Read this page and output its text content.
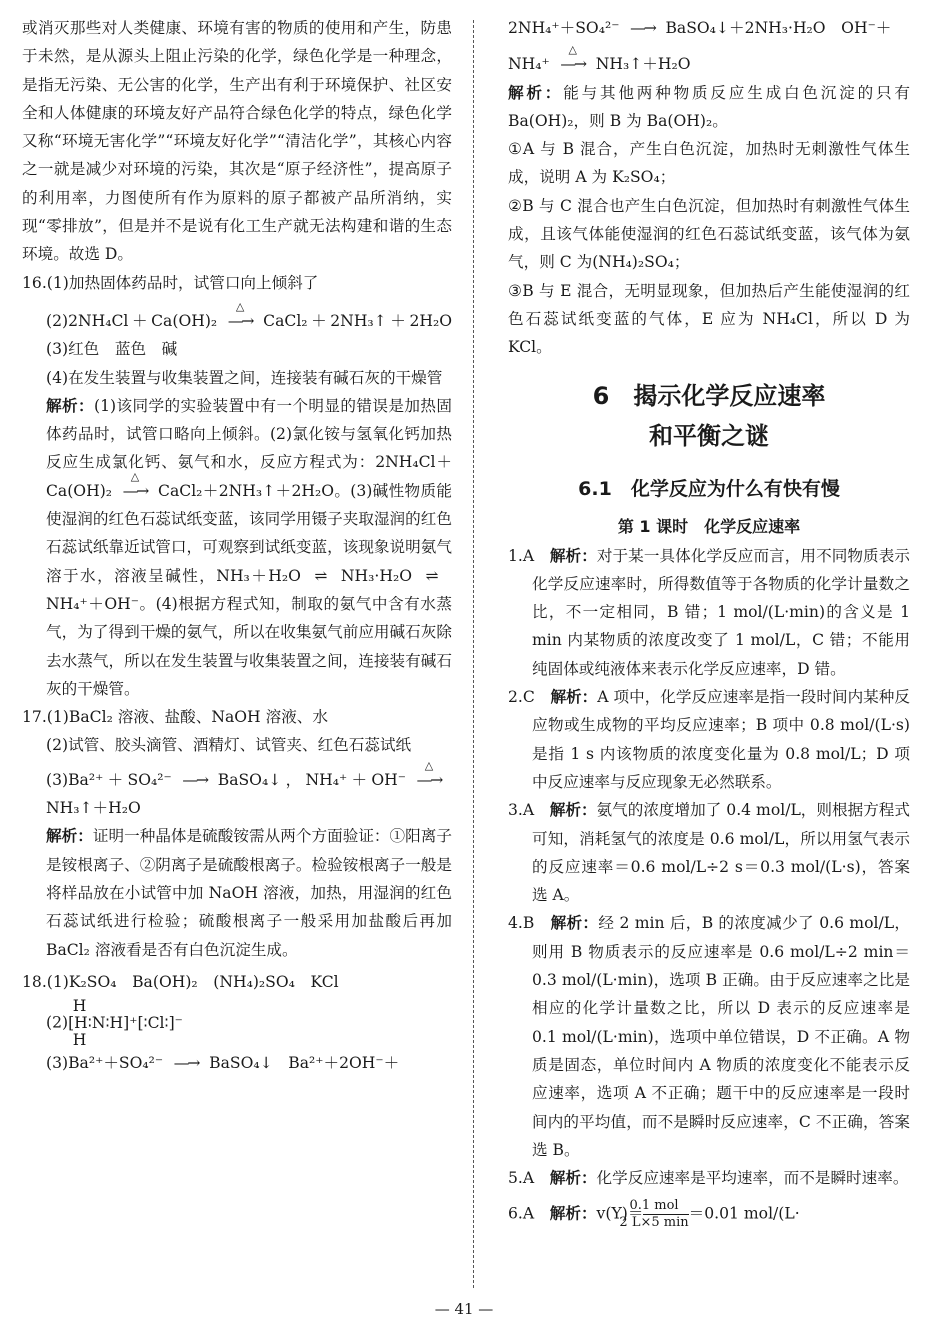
或消灭那些对人类健康、环境有害的物质的使用和产生，防患于未然，是从源头上阻止污染的化学，绿色化学是一种理念，是指无污染、无公害的化学，生产出有利于环境保护、社区安全和人体健康的环境友好产品符合绿色化学的特点，绿色化学又称“环境无害化学”“环境友好化学”“清洁化学”，其核心内容之一就是减少对环境的污染，其次是“原子经济性”，提高原子的利用率，力图使所有作为原料的原子都被产品所消纳，实现“零排放”，但是并不是说有化工生产就无法构建和谐的生态环境。故选 D。

16.(1)加热固体药品时，试管口向上倾斜了

(2)2NH₄Cl＋Ca(OH)₂
△
—→CaCl₂＋2NH₃↑＋2H₂O　(3)红色　蓝色　碱

(4)在发生装置与收集装置之间，连接装有碱石灰的干燥管

解析：(1)该同学的实验装置中有一个明显的错误是加热固体药品时，试管口略向上倾斜。(2)氯化铵与氢氧化钙加热反应生成氯化钙、氨气和水，反应方程式为：2NH₄Cl＋Ca(OH)₂
△
—→CaCl₂＋2NH₃↑＋2H₂O。(3)碱性物质能使湿润的红色石蕊试纸变蓝，该同学用镊子夹取湿润的红色石蕊试纸靠近试管口，可观察到试纸变蓝，该现象说明氨气溶于水，溶液呈碱性，NH₃＋H₂O ⇌ NH₃·H₂O ⇌NH₄⁺＋OH⁻。(4)根据方程式知，制取的氨气中含有水蒸气，为了得到干燥的氨气，所以在收集氨气前应用碱石灰除去水蒸气，所以在发生装置与收集装置之间，连接装有碱石灰的干燥管。

17.(1)BaCl₂ 溶液、盐酸、NaOH 溶液、水

(2)试管、胶头滴管、酒精灯、试管夹、红色石蕊试纸

(3)Ba²⁺＋SO₄²⁻ —→	BaSO₄↓，NH₄⁺＋OH⁻
△
—→NH₃↑＋H₂O

解析：证明一种晶体是硫酸铵需从两个方面验证：①阳离子是铵根离子、②阴离子是硫酸根离子。检验铵根离子一般是将样品放在小试管中加 NaOH 溶液，加热，用湿润的红色石蕊试纸进行检验；硫酸根离子一般采用加盐酸后再加 BaCl₂ 溶液看是否有白色沉淀生成。

18.(1)K₂SO₄　Ba(OH)₂　(NH₄)₂SO₄　KCl

(2)
H
[H∶N∶H]⁺[∶Cl∶]⁻
H

(3)Ba²⁺＋SO₄²⁻ —→	BaSO₄↓　Ba²⁺＋2OH⁻＋

2NH₄⁺＋SO₄²⁻ —→	BaSO₄↓＋2NH₃·H₂O　OH⁻＋

NH₄⁺
△
—→NH₃↑＋H₂O

解析：能与其他两种物质反应生成白色沉淀的只有 Ba(OH)₂，则 B 为 Ba(OH)₂。

①A 与 B 混合，产生白色沉淀，加热时无刺激性气体生成，说明 A 为 K₂SO₄；

②B 与 C 混合也产生白色沉淀，但加热时有刺激性气体生成，且该气体能使湿润的红色石蕊试纸变蓝，该气体为氨气，则 C 为(NH₄)₂SO₄；

③B 与 E 混合，无明显现象，但加热后产生能使湿润的红色石蕊试纸变蓝的气体，E 应为 NH₄Cl，所以 D 为 KCl。

6　揭示化学反应速率
和平衡之谜
6.1　化学反应为什么有快有慢
第 1 课时　化学反应速率

1.A　 解析：对于某一具体化学反应而言，用不同物质表示化学反应速率时，所得数值等于各物质的化学计量数之比，不一定相同，B 错；1 mol/(L·min)的含义是 1 min 内某物质的浓度改变了 1 mol/L，C 错；不能用纯固体或纯液体来表示化学反应速率，D 错。

2.C　 解析：A 项中，化学反应速率是指一段时间内某种反应物或生成物的平均反应速率；B 项中 0.8 mol/(L·s)是指 1 s 内该物质的浓度变化量为 0.8 mol/L；D 项中反应速率与反应现象无必然联系。

3.A　 解析：氨气的浓度增加了 0.4 mol/L，则根据方程式可知，消耗氢气的浓度是 0.6 mol/L，所以用氢气表示的反应速率＝0.6 mol/L÷2 s＝0.3 mol/(L·s)，答案选 A。

4.B　 解析：经 2 min 后，B 的浓度减少了 0.6 mol/L，则用 B 物质表示的反应速率是 0.6 mol/L÷2 min＝0.3 mol/(L·min)，选项 B 正确。由于反应速率之比是相应的化学计量数之比，所以 D 表示的反应速率是 0.1 mol/(L·min)，选项中单位错误，D 不正确。A 物质是固态，单位时间内 A 物质的浓度变化不能表示反应速率，选项 A 不正确；题干中的反应速率是一段时间内的平均值，而不是瞬时反应速率，C 不正确，答案选 B。

5.A　 解析：化学反应速率是平均速率，而不是瞬时速率。

6.A　 解析：$v(Y)= \frac{\text{0.1 mol}}{2 L\times 5 \min} =0.01$ mol/(L·

— 41 —
